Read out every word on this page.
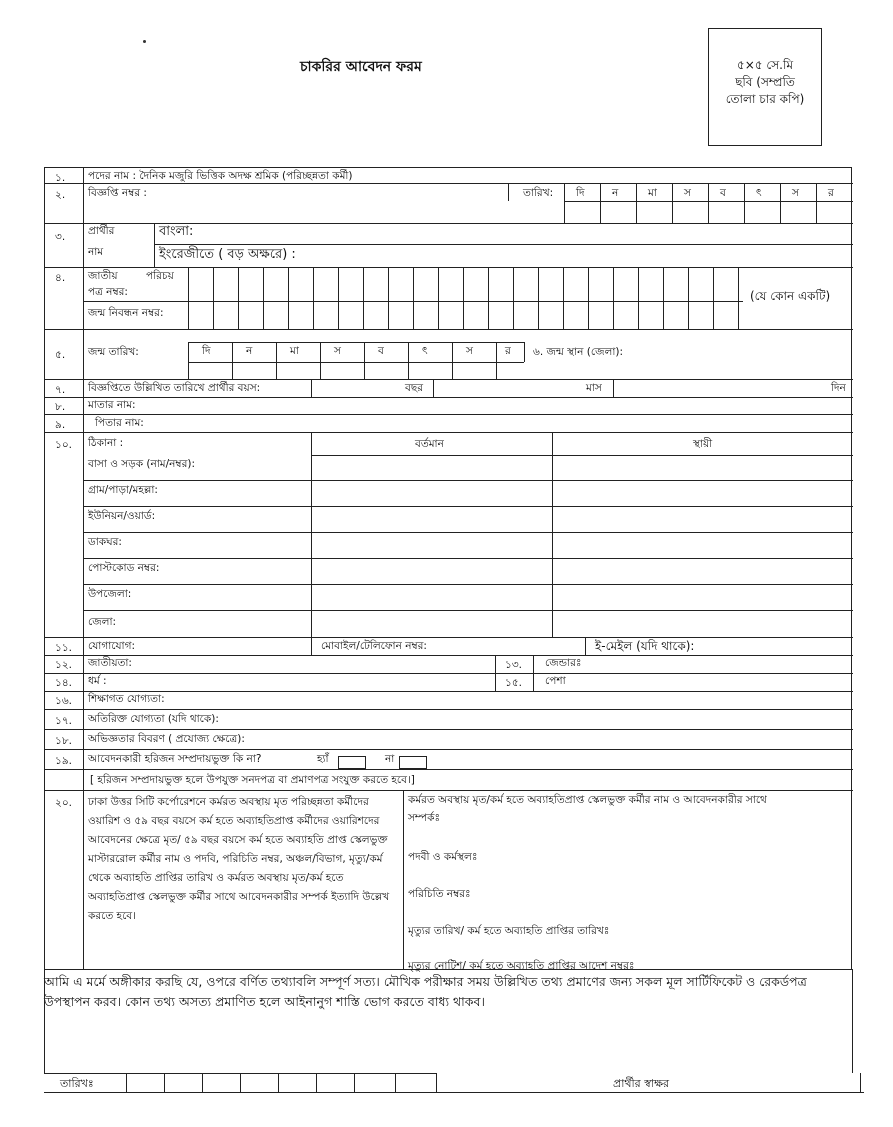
চাকরির আবেদন ফরম	৫×৫ সে.মি
ছবি (সম্প্রতি
তোলা চার কপি)
১. পদের নাম : দৈনিক মজুরি ভিত্তিক অদক্ষ শ্রমিক (পরিচ্ছন্নতা কর্মী)
২. বিজ্ঞপ্তি নম্বর :	তারিখ: দি	ন	মা	স	ব	ৎ	স	র
৩. প্রার্থীর
নাম
বাংলা:
ইংরেজীতে ( বড় অক্ষরে) :
৪. জাতীয়	পরিচয়
পত্র নম্বর:
জন্ম নিবন্ধন নম্বর:
(যে কোন একটি)
৫. জন্ম তারিখ:	দি	ন	মা	স	ব	ৎ	স	র ৬. জন্ম স্থান (জেলা):
৭. বিজ্ঞপ্তিতে উল্লিখিত তারিখে প্রার্থীর বয়স:	বছর	মাস	দিন
৮. মাতার নাম:
৯.	পিতার নাম:
১০. ঠিকানা :	বর্তমান	স্থায়ী
বাসা ও সড়ক (নাম/নম্বর):
গ্রাম/পাড়া/মহল্লা:
ইউনিয়ন/ওয়ার্ড:
ডাকঘর:
পোস্টকোড নম্বর:
উপজেলা:
জেলা:
১১. যোগাযোগ:	মোবাইল/টেলিফোন নম্বর:	ই-মেইল (যদি থাকে):
১২. জাতীয়তা:	১৩. জেন্ডারঃ
১৪. ধর্ম :	১৫. পেশা
১৬. শিক্ষাগত যোগ্যতা:
১৭. অতিরিক্ত যোগ্যতা (যদি থাকে):
১৮. অভিজ্ঞতার বিবরণ ( প্রযোজ্য ক্ষেত্রে):
১৯. আবেদনকারী হরিজন সম্প্রদায়ভুক্ত কি না?	হ্যাঁ	না
[ হরিজন সম্প্রদায়ভুক্ত হলে উপযুক্ত সনদপত্র বা প্রমাণপত্র সংযুক্ত করতে হবে।]
২০. ঢাকা উত্তর সিটি কর্পোরেশনে কর্মরত অবস্থায় মৃত পরিচ্ছন্নতা কর্মীদের ওয়ারিশ ও ৫৯ বছর বয়সে কর্ম হতে অব্যাহতিপ্রাপ্ত কর্মীদের ওয়ারিশদের আবেদনের ক্ষেত্রে মৃত/ ৫৯ বছর বয়সে কর্ম হতে অব্যাহতি প্রাপ্ত স্কেলভুক্ত মাস্টাররোল কর্মীর নাম ও পদবি, পরিচিতি নম্বর, অঞ্চল/বিভাগ, মৃত্যু/কর্ম থেকে অব্যাহতি প্রাপ্তির তারিখ ও কর্মরত অবস্থায় মৃত/কর্ম হতে অব্যাহতিপ্রাপ্ত স্কেলভুক্ত কর্মীর সাথে আবেদনকারীর সম্পর্ক ইত্যাদি উল্লেখ করতে হবে।
কর্মরত অবস্থায় মৃত/কর্ম হতে অব্যাহতিপ্রাপ্ত স্কেলভুক্ত কর্মীর নাম ও আবেদনকারীর সাথে
সম্পর্কঃ
পদবী ও কর্মস্থলঃ
পরিচিতি নম্বরঃ
মৃত্যুর তারিখ/ কর্ম হতে অব্যাহতি প্রাপ্তির তারিখঃ
মৃত্যুর নোটিশ/ কর্ম হতে অব্যাহতি প্রাপ্তির আদেশ নম্বরঃ
আমি এ মর্মে অঙ্গীকার করছি যে, ওপরে বর্ণিত তথ্যাবলি সম্পূর্ণ সত্য। মৌখিক পরীক্ষার সময় উল্লিখিত তথ্য প্রমাণের জন্য সকল মূল সার্টিফিকেট ও রেকর্ডপত্র উপস্থাপন করব। কোন তথ্য অসত্য প্রমাণিত হলে আইনানুগ শাস্তি ভোগ করতে বাধ্য থাকব।
তারিখঃ	প্রার্থীর স্বাক্ষর
